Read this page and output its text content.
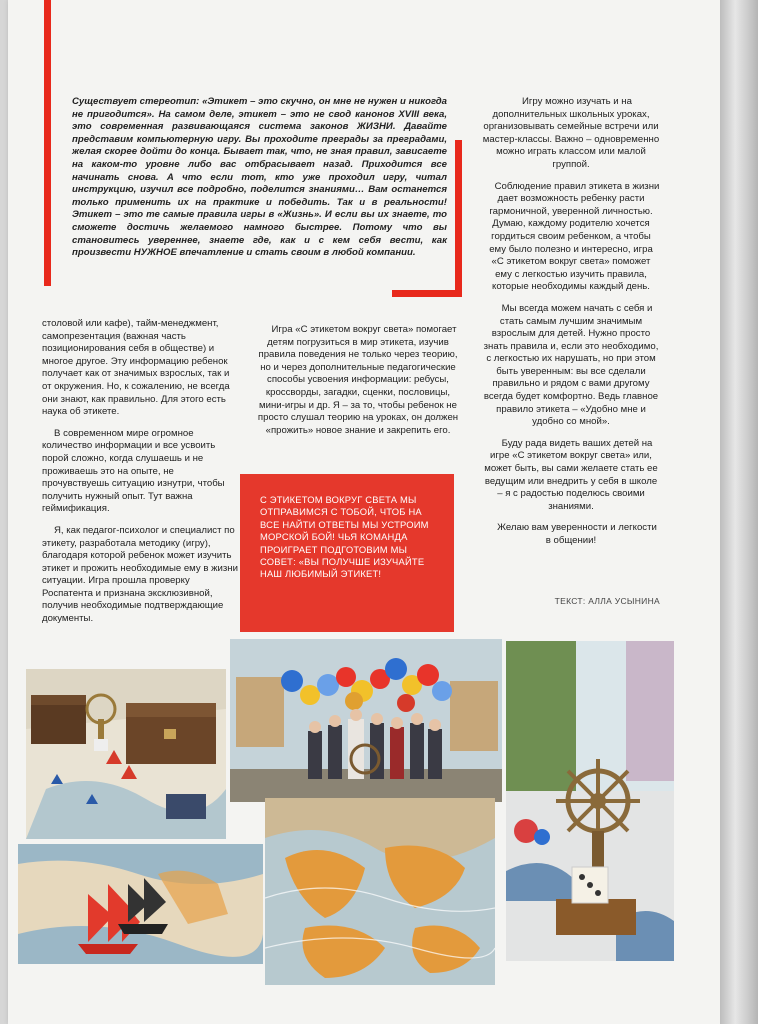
Существует стереотип: «Этикет – это скучно, он мне не нужен и никогда не пригодится». На самом деле, этикет – это не свод канонов XVIII века, это современная развивающаяся система законов ЖИЗНИ. Давайте представим компьютерную игру. Вы проходите преграды за преградами, желая скорее дойти до конца. Бывает так, что, не зная правил, зависаете на каком-то уровне либо вас отбрасывает назад. Приходится все начинать снова. А что если тот, кто уже проходил игру, читал инструкцию, изучил все подробно, поделится знаниями… Вам останется только применить их на практике и победить. Так и в реальности! Этикет – это те самые правила игры в «Жизнь». И если вы их знаете, то сможете достичь желаемого намного быстрее. Потому что вы становитесь увереннее, знаете где, как и с кем себя вести, как произвести НУЖНОЕ впечатление и стать своим в любой компании.

столовой или кафе), тайм-менеджмент, самопрезентация (важная часть позиционирования себя в обществе) и многое другое. Эту информацию ребенок получает как от значимых взрослых, так и от окружения. Но, к сожалению, не всегда они знают, как правильно. Для этого есть наука об этикете.

В современном мире огромное количество информации и все усвоить порой сложно, когда слушаешь и не проживаешь это на опыте, не прочувствуешь ситуацию изнутри, чтобы получить нужный опыт. Тут важна геймификация.

Я, как педагог-психолог и специалист по этикету, разработала методику (игру), благодаря которой ребенок может изучить этикет и прожить необходимые ему в жизни ситуации. Игра прошла проверку Роспатента и признана эксклюзивной, получив необходимые подтверждающие документы.

Игра «С этикетом вокруг света» помогает детям погрузиться в мир этикета, изучив правила поведения не только через теорию, но и через дополнительные педагогические способы усвоения информации: ребусы, кроссворды, загадки, сценки, пословицы, мини-игры и др. Я – за то, чтобы ребенок не просто слушал теорию на уроках, он должен «прожить» новое знание и закрепить его.

С ЭТИКЕТОМ ВОКРУГ СВЕТА МЫ ОТПРАВИМСЯ С ТОБОЙ, ЧТОБ НА ВСЕ НАЙТИ ОТВЕТЫ МЫ УСТРОИМ МОРСКОЙ БОЙ! ЧЬЯ КОМАНДА ПРОИГРАЕТ ПОДГОТОВИМ МЫ СОВЕТ: «ВЫ ПОЛУЧШЕ ИЗУЧАЙТЕ НАШ ЛЮБИМЫЙ ЭТИКЕТ!

Игру можно изучать и на дополнительных школьных уроках, организовывать семейные встречи или мастер-классы. Важно – одновременно можно играть классом или малой группой.

Соблюдение правил этикета в жизни дает возможность ребенку расти гармоничной, уверенной личностью. Думаю, каждому родителю хочется гордиться своим ребенком, а чтобы ему было полезно и интересно, игра «С этикетом вокруг света» поможет ему с легкостью изучить правила, которые необходимы каждый день.

Мы всегда можем начать с себя и стать самым лучшим значимым взрослым для детей. Нужно просто знать правила и, если это необходимо, с легкостью их нарушать, но при этом быть уверенным: вы все сделали правильно и рядом с вами другому всегда будет комфортно. Ведь главное правило этикета – «Удобно мне и удобно со мной».

Буду рада видеть ваших детей на игре «С этикетом вокруг света» или, может быть, вы сами желаете стать ее ведущим или внедрить у себя в школе – я с радостью поделюсь своими знаниями.

Желаю вам уверенности и легкости в общении!

ТЕКСТ: АЛЛА УСЫНИНА
